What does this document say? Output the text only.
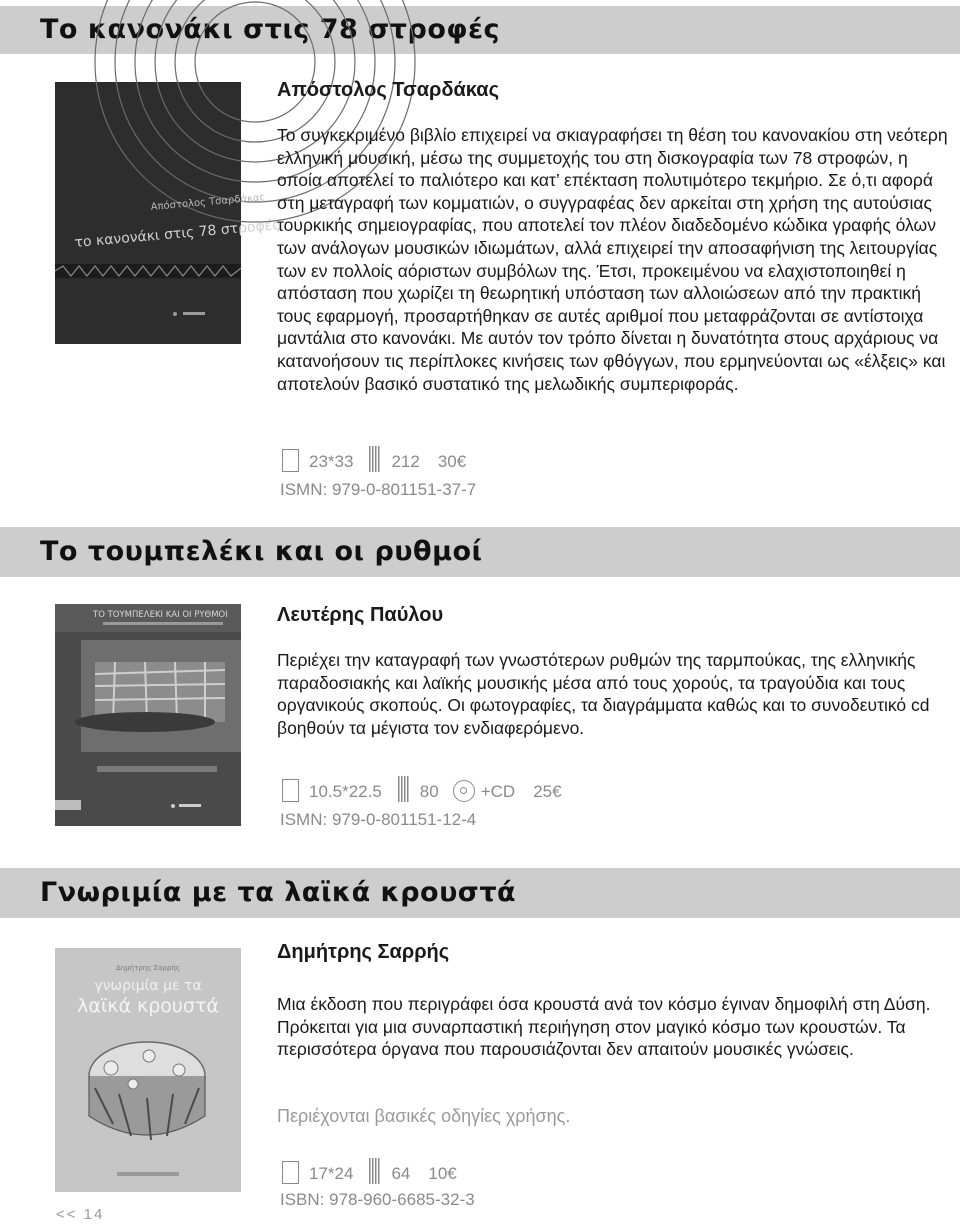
Το κανονάκι στις 78 στροφές
Απόστολος Τσαρδάκας
το κανονάκι στις 78 στροφές

Απόστολος Τσαρδάκας

Το συγκεκριμένο βιβλίο επιχειρεί να σκιαγραφήσει τη θέση του κανονακίου στη νεότερη ελληνική μουσική, μέσω της συμμετοχής του στη δισκογραφία των 78 στροφών, η οποία αποτελεί το παλιότερο και κατ’ επέκταση πολυτιμότερο τεκμήριο. Σε ό,τι αφορά στη μεταγραφή των κομματιών, ο συγγραφέας δεν αρκείται στη χρήση της αυτούσιας τουρκικής σημειογραφίας, που αποτελεί τον πλέον διαδεδομένο κώδικα γραφής όλων των ανάλογων μουσικών ιδιωμάτων, αλλά επιχειρεί την αποσαφήνιση της λειτουργίας των εν πολλοίς αόριστων συμβόλων της. Έτσι, προκειμένου να ελαχιστοποιηθεί η απόσταση που χωρίζει τη θεωρητική υπόσταση των αλλοιώσεων από την πρακτική τους εφαρμογή, προσαρτήθηκαν σε αυτές αριθμοί που μεταφράζονται σε αντίστοιχα μαντάλια στο κανονάκι. Με αυτόν τον τρόπο δίνεται η δυνατότητα στους αρχάριους να κατανοήσουν τις περίπλοκες κινήσεις των φθόγγων, που ερμηνεύονται ως «έλξεις» και αποτελούν βασικό συστατικό της μελωδικής συμπεριφοράς.

23*33 212 30€

ISMN: 979-0-801151-37-7

Το τουμπελέκι και οι ρυθμοί
ΤΟ ΤΟΥΜΠΕΛΕΚΙ ΚΑΙ ΟΙ ΡΥΘΜΟΙ Λευτέρης Παύλου

Περιέχει την καταγραφή των γνωστότερων ρυθμών της ταρμπούκας, της ελληνικής παραδοσιακής και λαϊκής μουσικής μέσα από τους χορούς, τα τραγούδια και τους οργανικούς σκοπούς. Οι φωτογραφίες, τα διαγράμματα καθώς και το συνοδευτικό cd βοηθούν τα μέγιστα τον ενδιαφερόμενο.

10.5*22.5 80 +CD 25€

ISMN: 979-0-801151-12-4

Γνωριμία με τα λαϊκά κρουστά
Δημήτρης Σαρρής
γνωριμία με τα
λαϊκά κρουστά

Δημήτρης Σαρρής

Μια έκδοση που περιγράφει όσα κρουστά ανά τον κόσμο έγιναν δημοφιλή στη Δύση. Πρόκειται για μια συναρπαστική περιήγηση στον μαγικό κόσμο των κρουστών. Τα περισσότερα όργανα που παρουσιάζονται δεν απαιτούν μουσικές γνώσεις.

Περιέχονται βασικές οδηγίες χρήσης.

17*24 64 10€

ISBN: 978-960-6685-32-3

<< 14
